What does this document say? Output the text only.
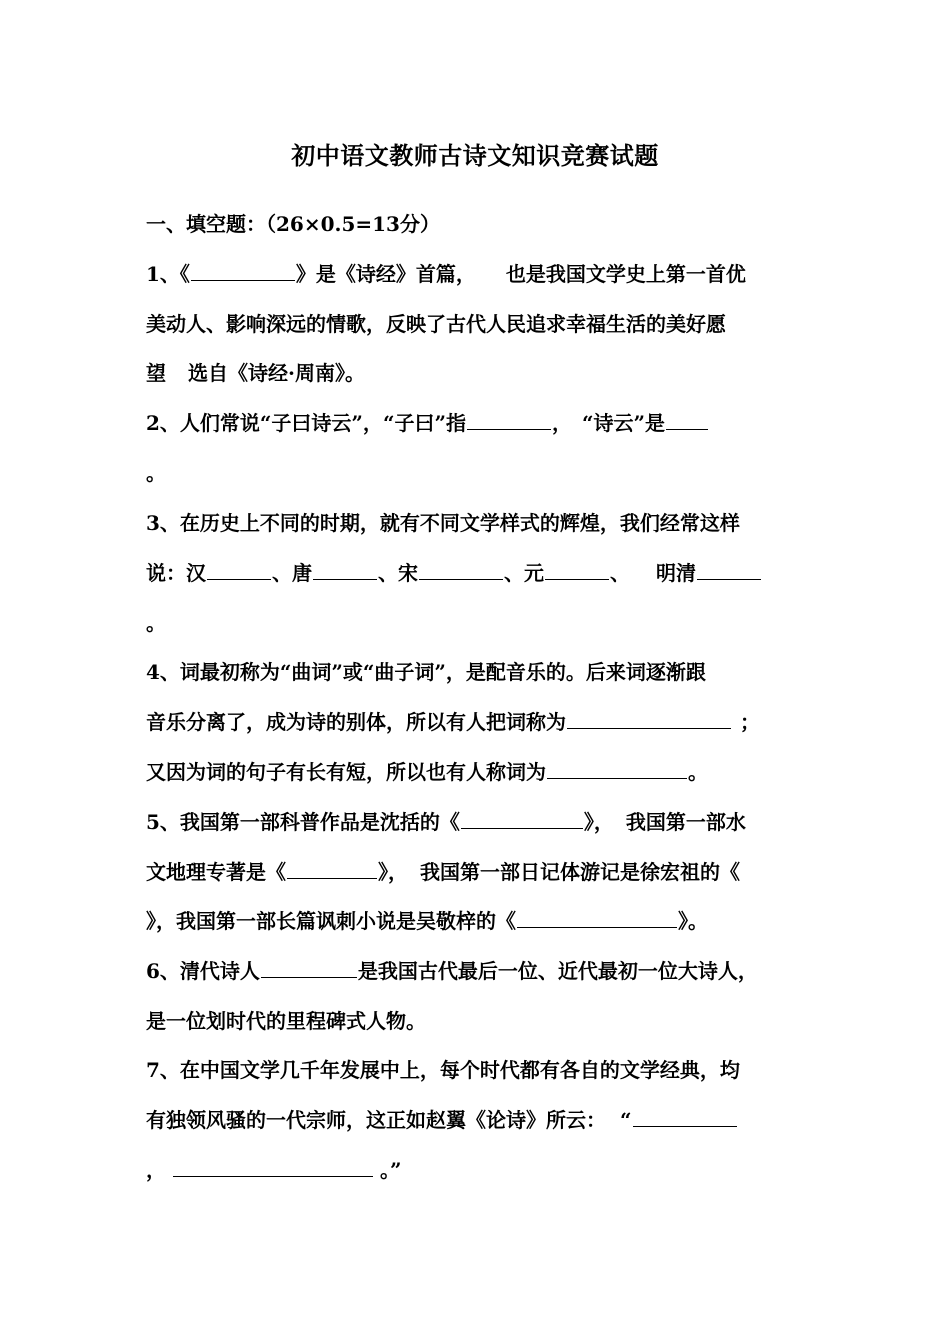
初中语文教师古诗文知识竞赛试题
一、填空题：（26×0.5=13分）
1、《	》是《诗经》首篇， 也是我国文学史上第一首优
美动人、影响深远的情歌，反映了古代人民追求幸福生活的美好愿
望 选自《诗经·周南》。
2、人们常说“子曰诗云”，“子曰”指	， “诗云”是
。
3、在历史上不同的时期，就有不同文学样式的辉煌，我们经常这样
说：汉	、唐	、宋	、元	、 明清
。
4、词最初称为“曲词”或“曲子词”，是配音乐的。后来词逐渐跟
音乐分离了，成为诗的别体，所以有人把词称为	；
又因为词的句子有长有短，所以也有人称词为	。
5、我国第一部科普作品是沈括的《	》， 我国第一部水
文地理专著是《	》， 我国第一部日记体游记是徐宏祖的《
》，我国第一部长篇讽刺小说是吴敬梓的《	》。
6、清代诗人	是我国古代最后一位、近代最初一位大诗人，
是一位划时代的里程碑式人物。
7、在中国文学几千年发展中上，每个时代都有各自的文学经典，均
有独领风骚的一代宗师，这正如赵翼《论诗》所云： “
，	。”
